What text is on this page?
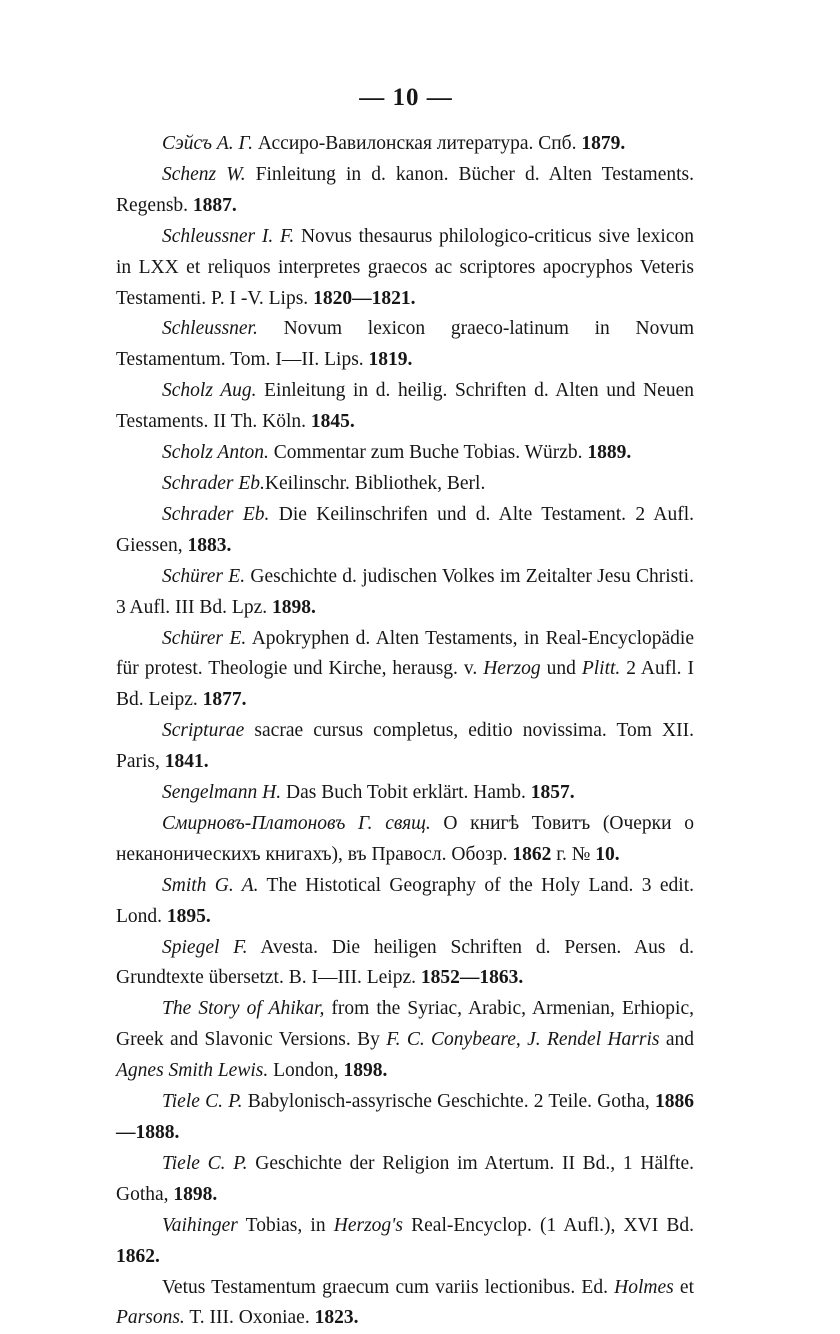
— 10 —

Сэйсъ А. Г. Ассиро-Вавилонская литература. Спб. 1879.

Schenz W. Finleitung in d. kanon. Bücher d. Alten Testaments. Regensb. 1887.

Schleussner I. F. Novus thesaurus philologico-criticus sive lexicon in LXX et reliquos interpretes graecos ac scriptores apocryphos Veteris Testamenti. P. I -V. Lips. 1820—1821.

Schleussner. Novum lexicon graeco-latinum in Novum Testamentum. Tom. I—II. Lips. 1819.

Scholz Aug. Einleitung in d. heilig. Schriften d. Alten und Neuen Testaments. II Th. Köln. 1845.

Scholz Anton. Commentar zum Buche Tobias. Würzb. 1889.

Schrader Eb.Keilinschr. Bibliothek, Berl.

Schrader Eb. Die Keilinschrifen und d. Alte Testament. 2 Aufl. Giessen, 1883.

Schürer E. Geschichte d. judischen Volkes im Zeitalter Jesu Christi. 3 Aufl. III Bd. Lpz. 1898.

Schürer E. Apokryphen d. Alten Testaments, in Real-Encyclopädie für protest. Theologie und Kirche, herausg. v. Herzog und Plitt. 2 Aufl. I Bd. Leipz. 1877.

Scripturae sacrae cursus completus, editio novissima. Tom XII. Paris, 1841.

Sengelmann H. Das Buch Tobit erklärt. Hamb. 1857.

Смирновъ-Платоновъ Г. свящ. О книгѣ Товитъ (Очерки о неканоническихъ книгахъ), въ Правосл. Обозр. 1862 г. № 10.

Smith G. A. The Histotical Geography of the Holy Land. 3 edit. Lond. 1895.

Spiegel F. Avesta. Die heiligen Schriften d. Persen. Aus d. Grundtexte übersetzt. B. I—III. Leipz. 1852—1863.

The Story of Ahikar, from the Syriac, Arabic, Armenian, Erhiopic, Greek and Slavonic Versions. By F. C. Conybeare, J. Rendel Harris and Agnes Smith Lewis. London, 1898.

Tiele C. P. Babylonisch-assyrische Geschichte. 2 Teile. Gotha, 1886—1888.

Tiele C. P. Geschichte der Religion im Atertum. II Bd., 1 Hälfte. Gotha, 1898.

Vaihinger Tobias, in Herzog's Real-Encyclop. (1 Aufl.), XVI Bd. 1862.

Vetus Testamentum graecum cum variis lectionibus. Ed. Holmes et Parsons. T. III. Oxoniae. 1823.
